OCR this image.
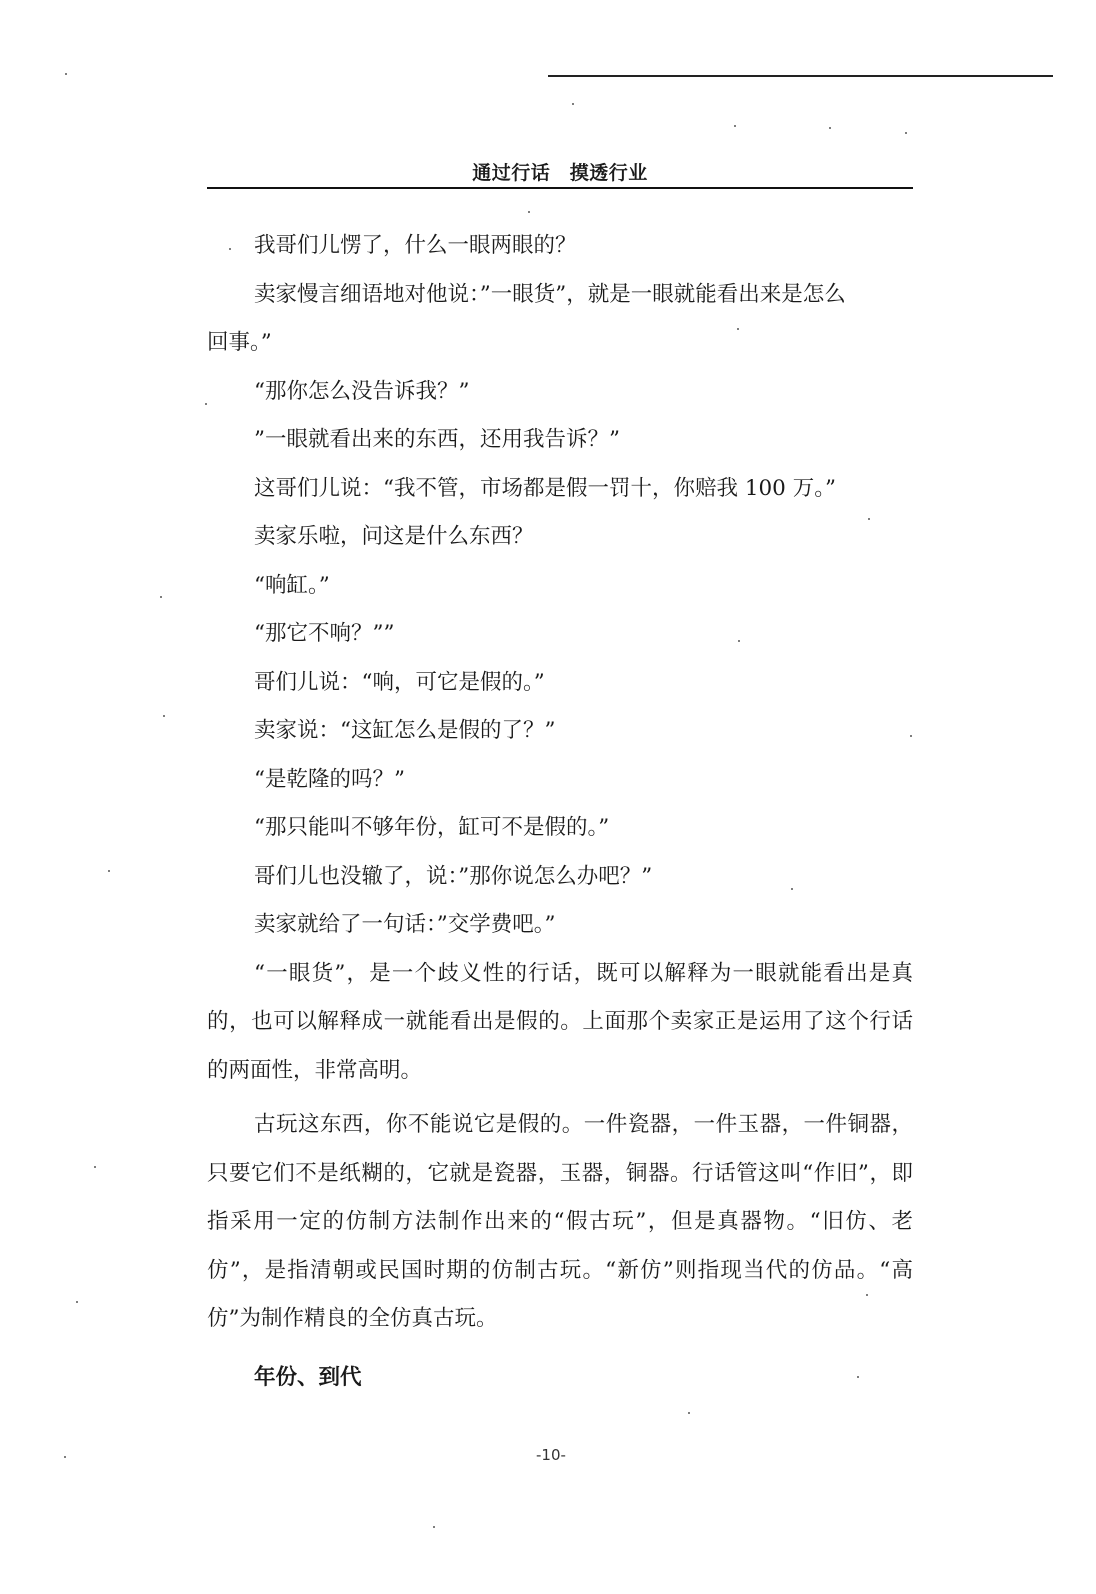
通过行话　摸透行业
我哥们儿愣了，什么一眼两眼的？
卖家慢言细语地对他说：”一眼货”，就是一眼就能看出来是怎么
回事。”
“那你怎么没告诉我？”
”一眼就看出来的东西，还用我告诉？”
这哥们儿说：“我不管，市场都是假一罚十，你赔我 100 万。”
卖家乐啦，问这是什么东西？
“响缸。”
“那它不响？””
哥们儿说：“响，可它是假的。”
卖家说：“这缸怎么是假的了？”
“是乾隆的吗？”
“那只能叫不够年份，缸可不是假的。”
哥们儿也没辙了，说：”那你说怎么办吧？”
卖家就给了一句话：”交学费吧。”
“一眼货”，是一个歧义性的行话，既可以解释为一眼就能看出是真的，也可以解释成一就能看出是假的。上面那个卖家正是运用了这个行话的两面性，非常高明。
古玩这东西，你不能说它是假的。一件瓷器，一件玉器，一件铜器，只要它们不是纸糊的，它就是瓷器，玉器，铜器。行话管这叫“作旧”，即指采用一定的仿制方法制作出来的“假古玩”，但是真器物。“旧仿、老仿”，是指清朝或民国时期的仿制古玩。“新仿”则指现当代的仿品。“高仿”为制作精良的全仿真古玩。
年份、到代
-10-
